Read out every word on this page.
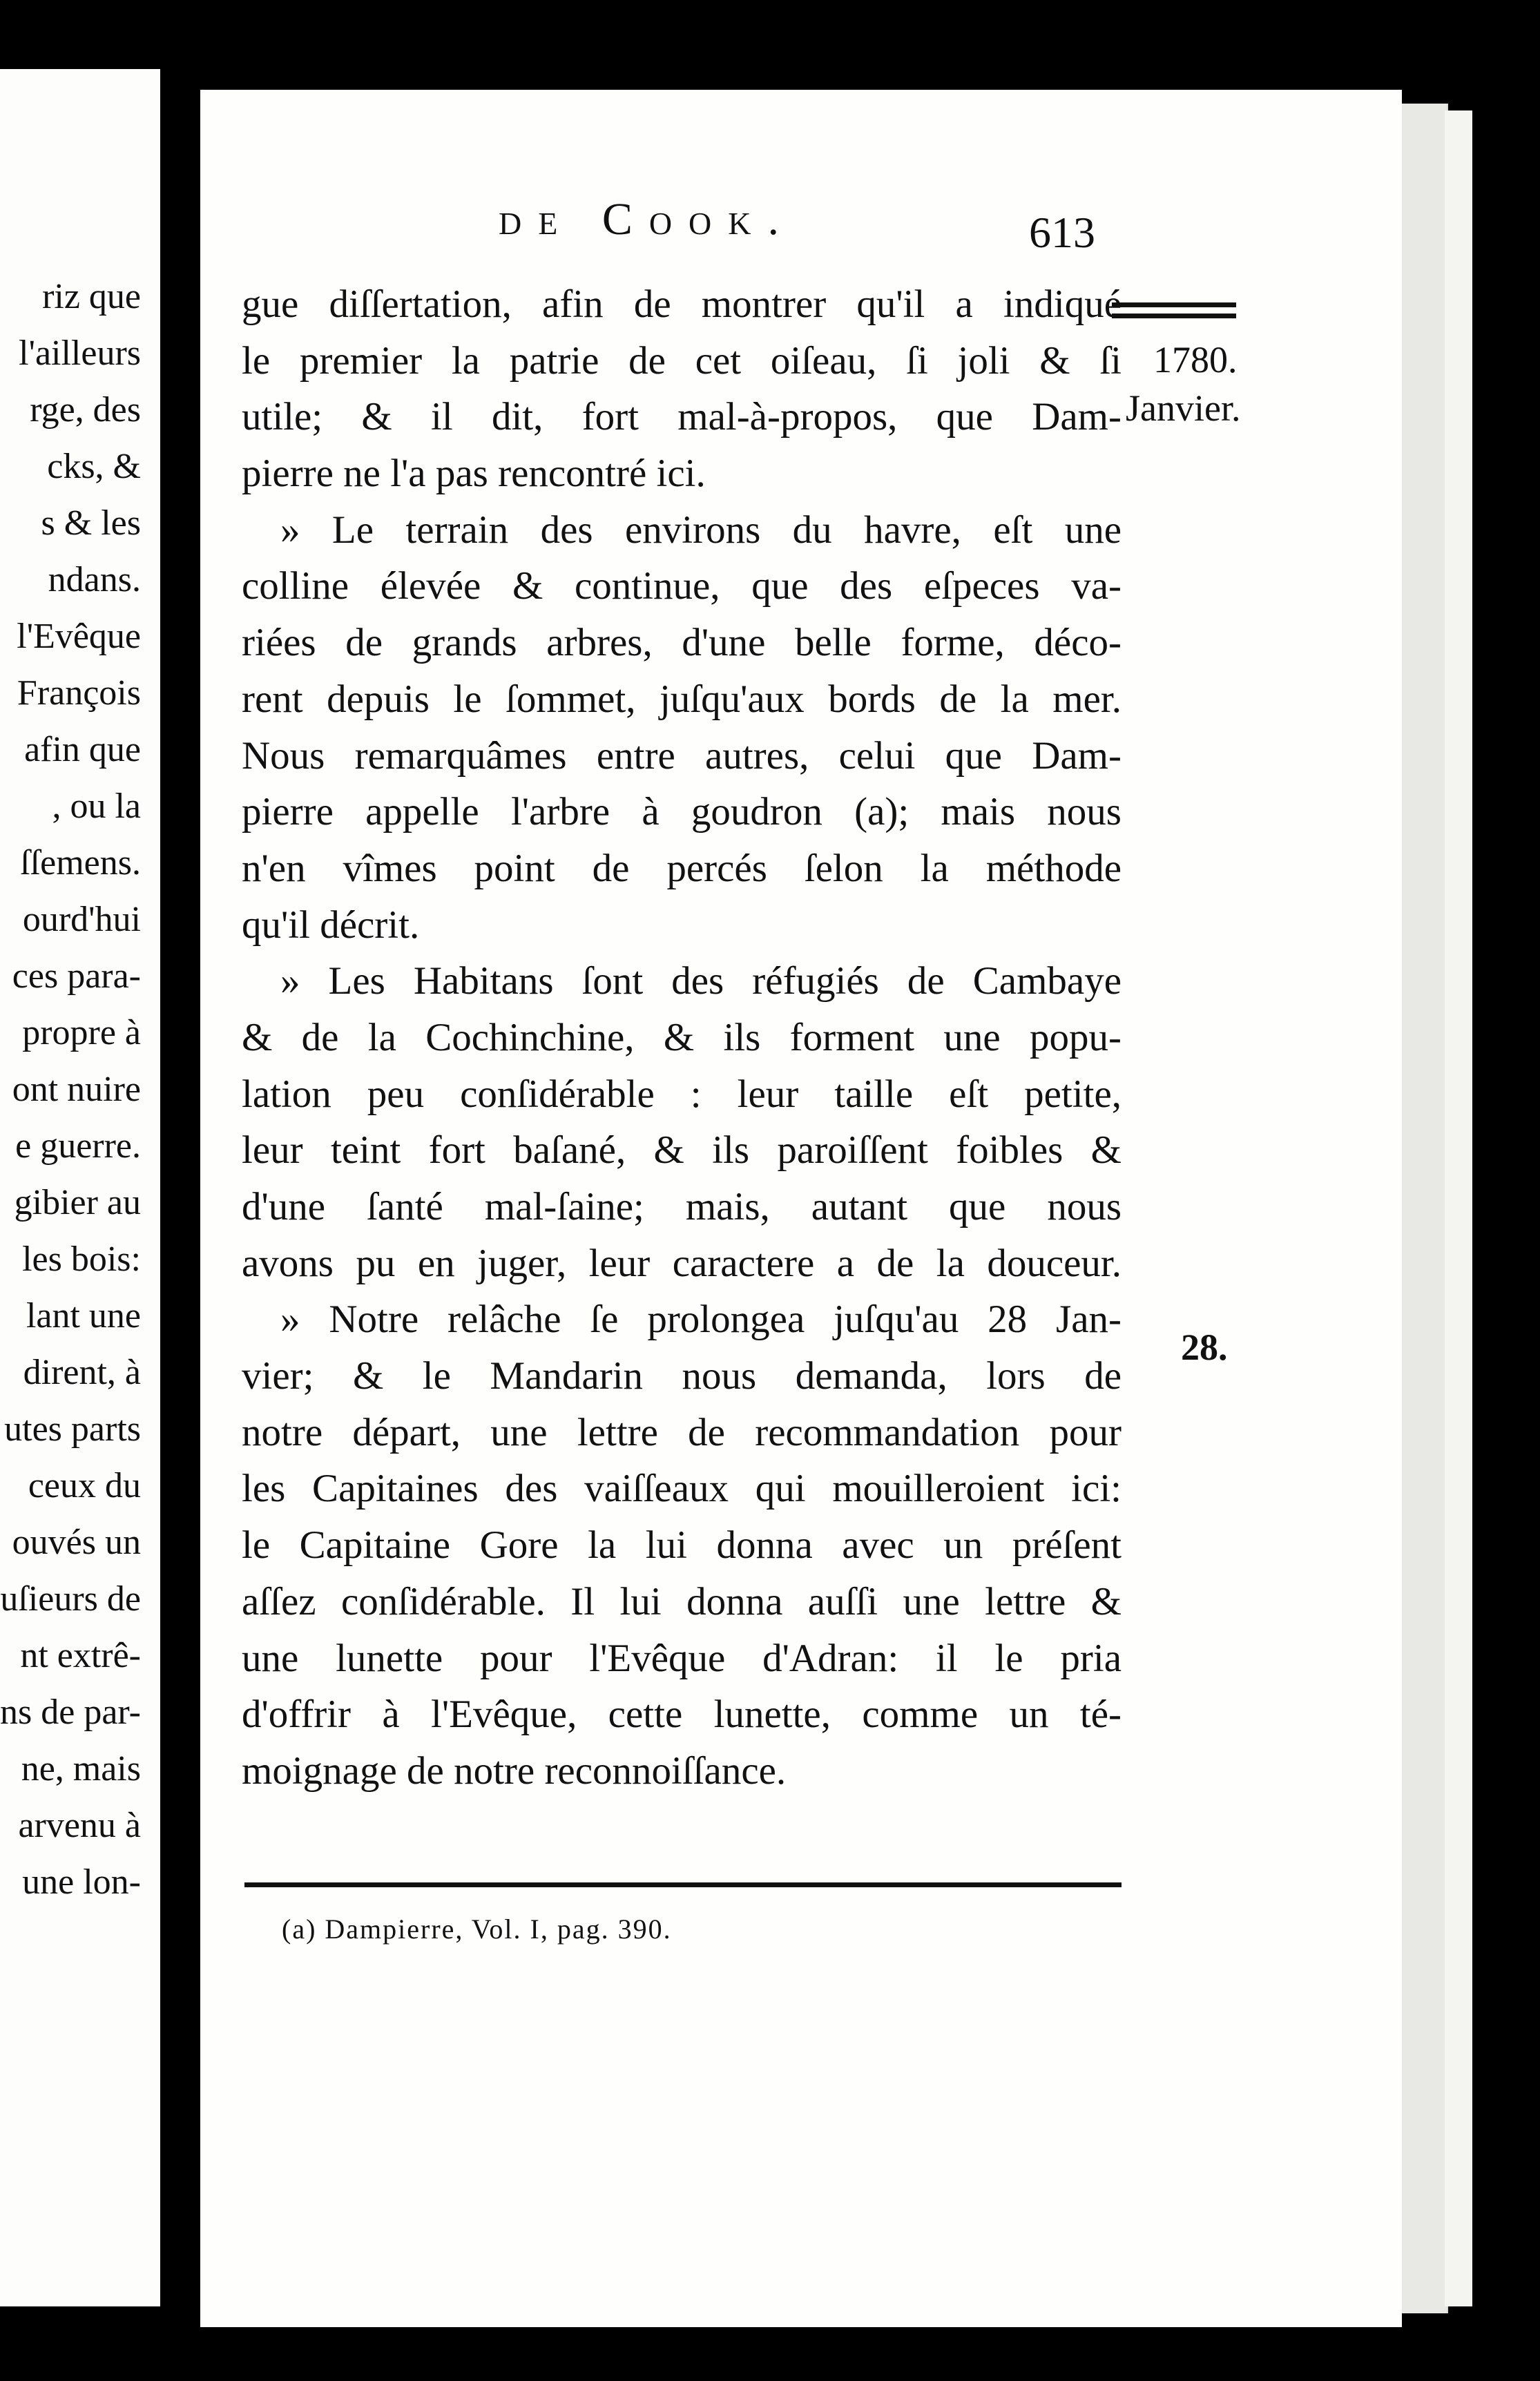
riz que
l'ailleurs
rge, des
cks, &
s & les
ndans.
l'Evêque
François
afin que
, ou la
ſſemens.
ourd'hui
ces para-
propre à
ont nuire
e guerre.
gibier au
les bois:
lant une
dirent, à
utes parts
ceux du
ouvés un
uſieurs de
nt extrê-
ns de par-
ne, mais
arvenu à
une lon-
de Cook.	613
1780.
Janvier.
28.
gue diſſertation, afin de montrer qu'il a indiqué
le premier la patrie de cet oiſeau, ſi joli & ſi
utile; & il dit, fort mal-à-propos, que Dam-
pierre ne l'a pas rencontré ici.
» Le terrain des environs du havre, eſt une
colline élevée & continue, que des eſpeces va-
riées de grands arbres, d'une belle forme, déco-
rent depuis le ſommet, juſqu'aux bords de la mer.
Nous remarquâmes entre autres, celui que Dam-
pierre appelle l'arbre à goudron (a); mais nous
n'en vîmes point de percés ſelon la méthode
qu'il décrit.
» Les Habitans ſont des réfugiés de Cambaye
& de la Cochinchine, & ils forment une popu-
lation peu conſidérable : leur taille eſt petite,
leur teint fort baſané, & ils paroiſſent foibles &
d'une ſanté mal-ſaine; mais, autant que nous
avons pu en juger, leur caractere a de la douceur.
» Notre relâche ſe prolongea juſqu'au 28 Jan-
vier; & le Mandarin nous demanda, lors de
notre départ, une lettre de recommandation pour
les Capitaines des vaiſſeaux qui mouilleroient ici:
le Capitaine Gore la lui donna avec un préſent
aſſez conſidérable. Il lui donna auſſi une lettre &
une lunette pour l'Evêque d'Adran: il le pria
d'offrir à l'Evêque, cette lunette, comme un té-
moignage de notre reconnoiſſance.
(a) Dampierre, Vol. I, pag. 390.
